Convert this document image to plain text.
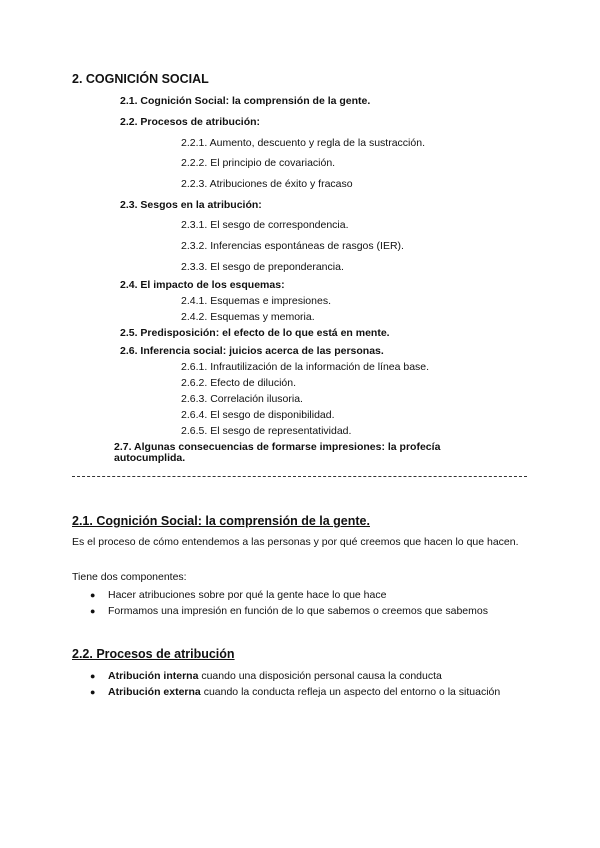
2. COGNICIÓN SOCIAL
2.1. Cognición Social: la comprensión de la gente.
2.2. Procesos de atribución:
2.2.1. Aumento, descuento y regla de la sustracción.
2.2.2. El principio de covariación.
2.2.3. Atribuciones de éxito y fracaso
2.3. Sesgos en la atribución:
2.3.1. El sesgo de correspondencia.
2.3.2. Inferencias espontáneas de rasgos (IER).
2.3.3. El sesgo de preponderancia.
2.4. El impacto de los esquemas:
2.4.1. Esquemas e impresiones.
2.4.2. Esquemas y memoria.
2.5. Predisposición: el efecto de lo que está en mente.
2.6. Inferencia social: juicios acerca de las personas.
2.6.1. Infrautilización de la información de línea base.
2.6.2. Efecto de dilución.
2.6.3. Correlación ilusoria.
2.6.4. El sesgo de disponibilidad.
2.6.5. El sesgo de representatividad.
2.7. Algunas consecuencias de formarse impresiones: la profecía
autocumplida.
2.1. Cognición Social: la comprensión de la gente.
Es el proceso de cómo entendemos a las personas y por qué creemos que hacen lo que hacen.
Tiene dos componentes:
● Hacer atribuciones sobre por qué la gente hace lo que hace
● Formamos una impresión en función de lo que sabemos o creemos que sabemos
2.2. Procesos de atribución
● Atribución interna cuando una disposición personal causa la conducta
● Atribución externa cuando la conducta refleja un aspecto del entorno o la situación
